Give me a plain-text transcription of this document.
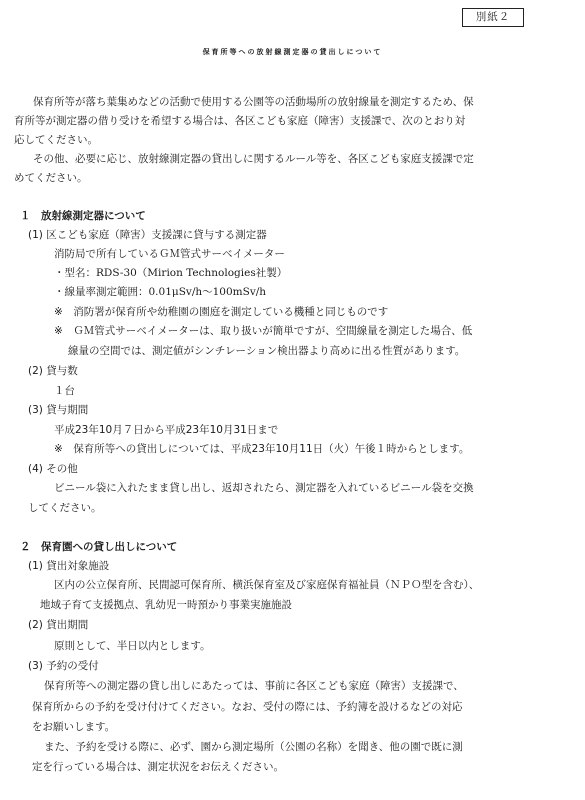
別紙２
保育所等への放射線測定器の貸出しについて
保育所等が落ち葉集めなどの活動で使用する公園等の活動場所の放射線量を測定するため、保
育所等が測定器の借り受けを希望する場合は、各区こども家庭（障害）支援課で、次のとおり対
応してください。
その他、必要に応じ、放射線測定器の貸出しに関するルール等を、各区こども家庭支援課で定
めてください。
１　放射線測定器について
(1) 区こども家庭（障害）支援課に貸与する測定器
消防局で所有しているＧＭ管式サーベイメーター
・型名：RDS-30（Mirion Technologies社製）
・線量率測定範囲：0.01μSv/h～100mSv/h
※　消防署が保育所や幼稚園の園庭を測定している機種と同じものです
※　ＧＭ管式サーベイメーターは、取り扱いが簡単ですが、空間線量を測定した場合、低
線量の空間では、測定値がシンチレーション検出器より高めに出る性質があります。
(2) 貸与数
１台
(3) 貸与期間
平成23年10月７日から平成23年10月31日まで
※　保育所等への貸出しについては、平成23年10月11日（火）午後１時からとします。
(4) その他
ビニール袋に入れたまま貸し出し、返却されたら、測定器を入れているビニール袋を交換
してください。
２　保育園への貸し出しについて
(1) 貸出対象施設
区内の公立保育所、民間認可保育所、横浜保育室及び家庭保育福祉員（ＮＰＯ型を含む）、
地域子育て支援拠点、乳幼児一時預かり事業実施施設
(2) 貸出期間
原則として、半日以内とします。
(3) 予約の受付
保育所等への測定器の貸し出しにあたっては、事前に各区こども家庭（障害）支援課で、
保育所からの予約を受け付けてください。なお、受付の際には、予約簿を設けるなどの対応
をお願いします。
また、予約を受ける際に、必ず、園から測定場所（公園の名称）を聞き、他の園で既に測
定を行っている場合は、測定状況をお伝えください。
